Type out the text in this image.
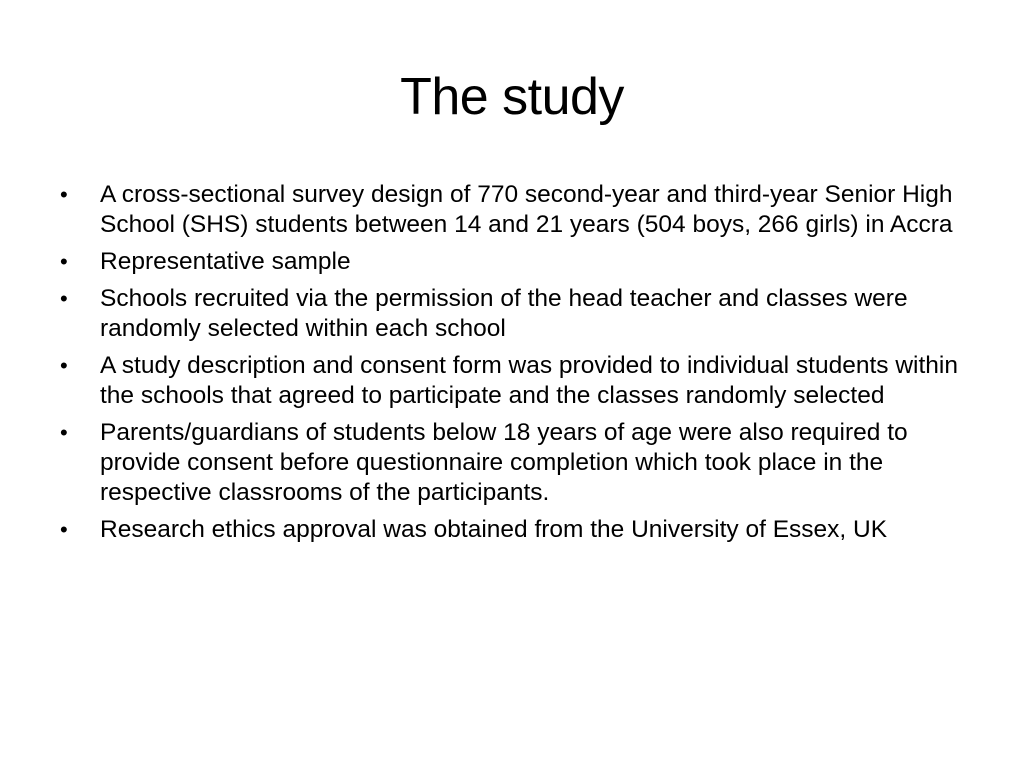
The study
• A cross-sectional survey design of 770 second-year and third-year Senior High School (SHS) students between 14 and 21 years (504 boys, 266 girls) in Accra
• Representative sample
• Schools recruited via the permission of the head teacher and classes were randomly selected within each school
• A study description and consent form was provided to individual students within the schools that agreed to participate and the classes randomly selected
• Parents/guardians of students below 18 years of age were also required to provide consent before questionnaire completion which took place in the respective classrooms of the participants.
• Research ethics approval was obtained from the University of Essex, UK
